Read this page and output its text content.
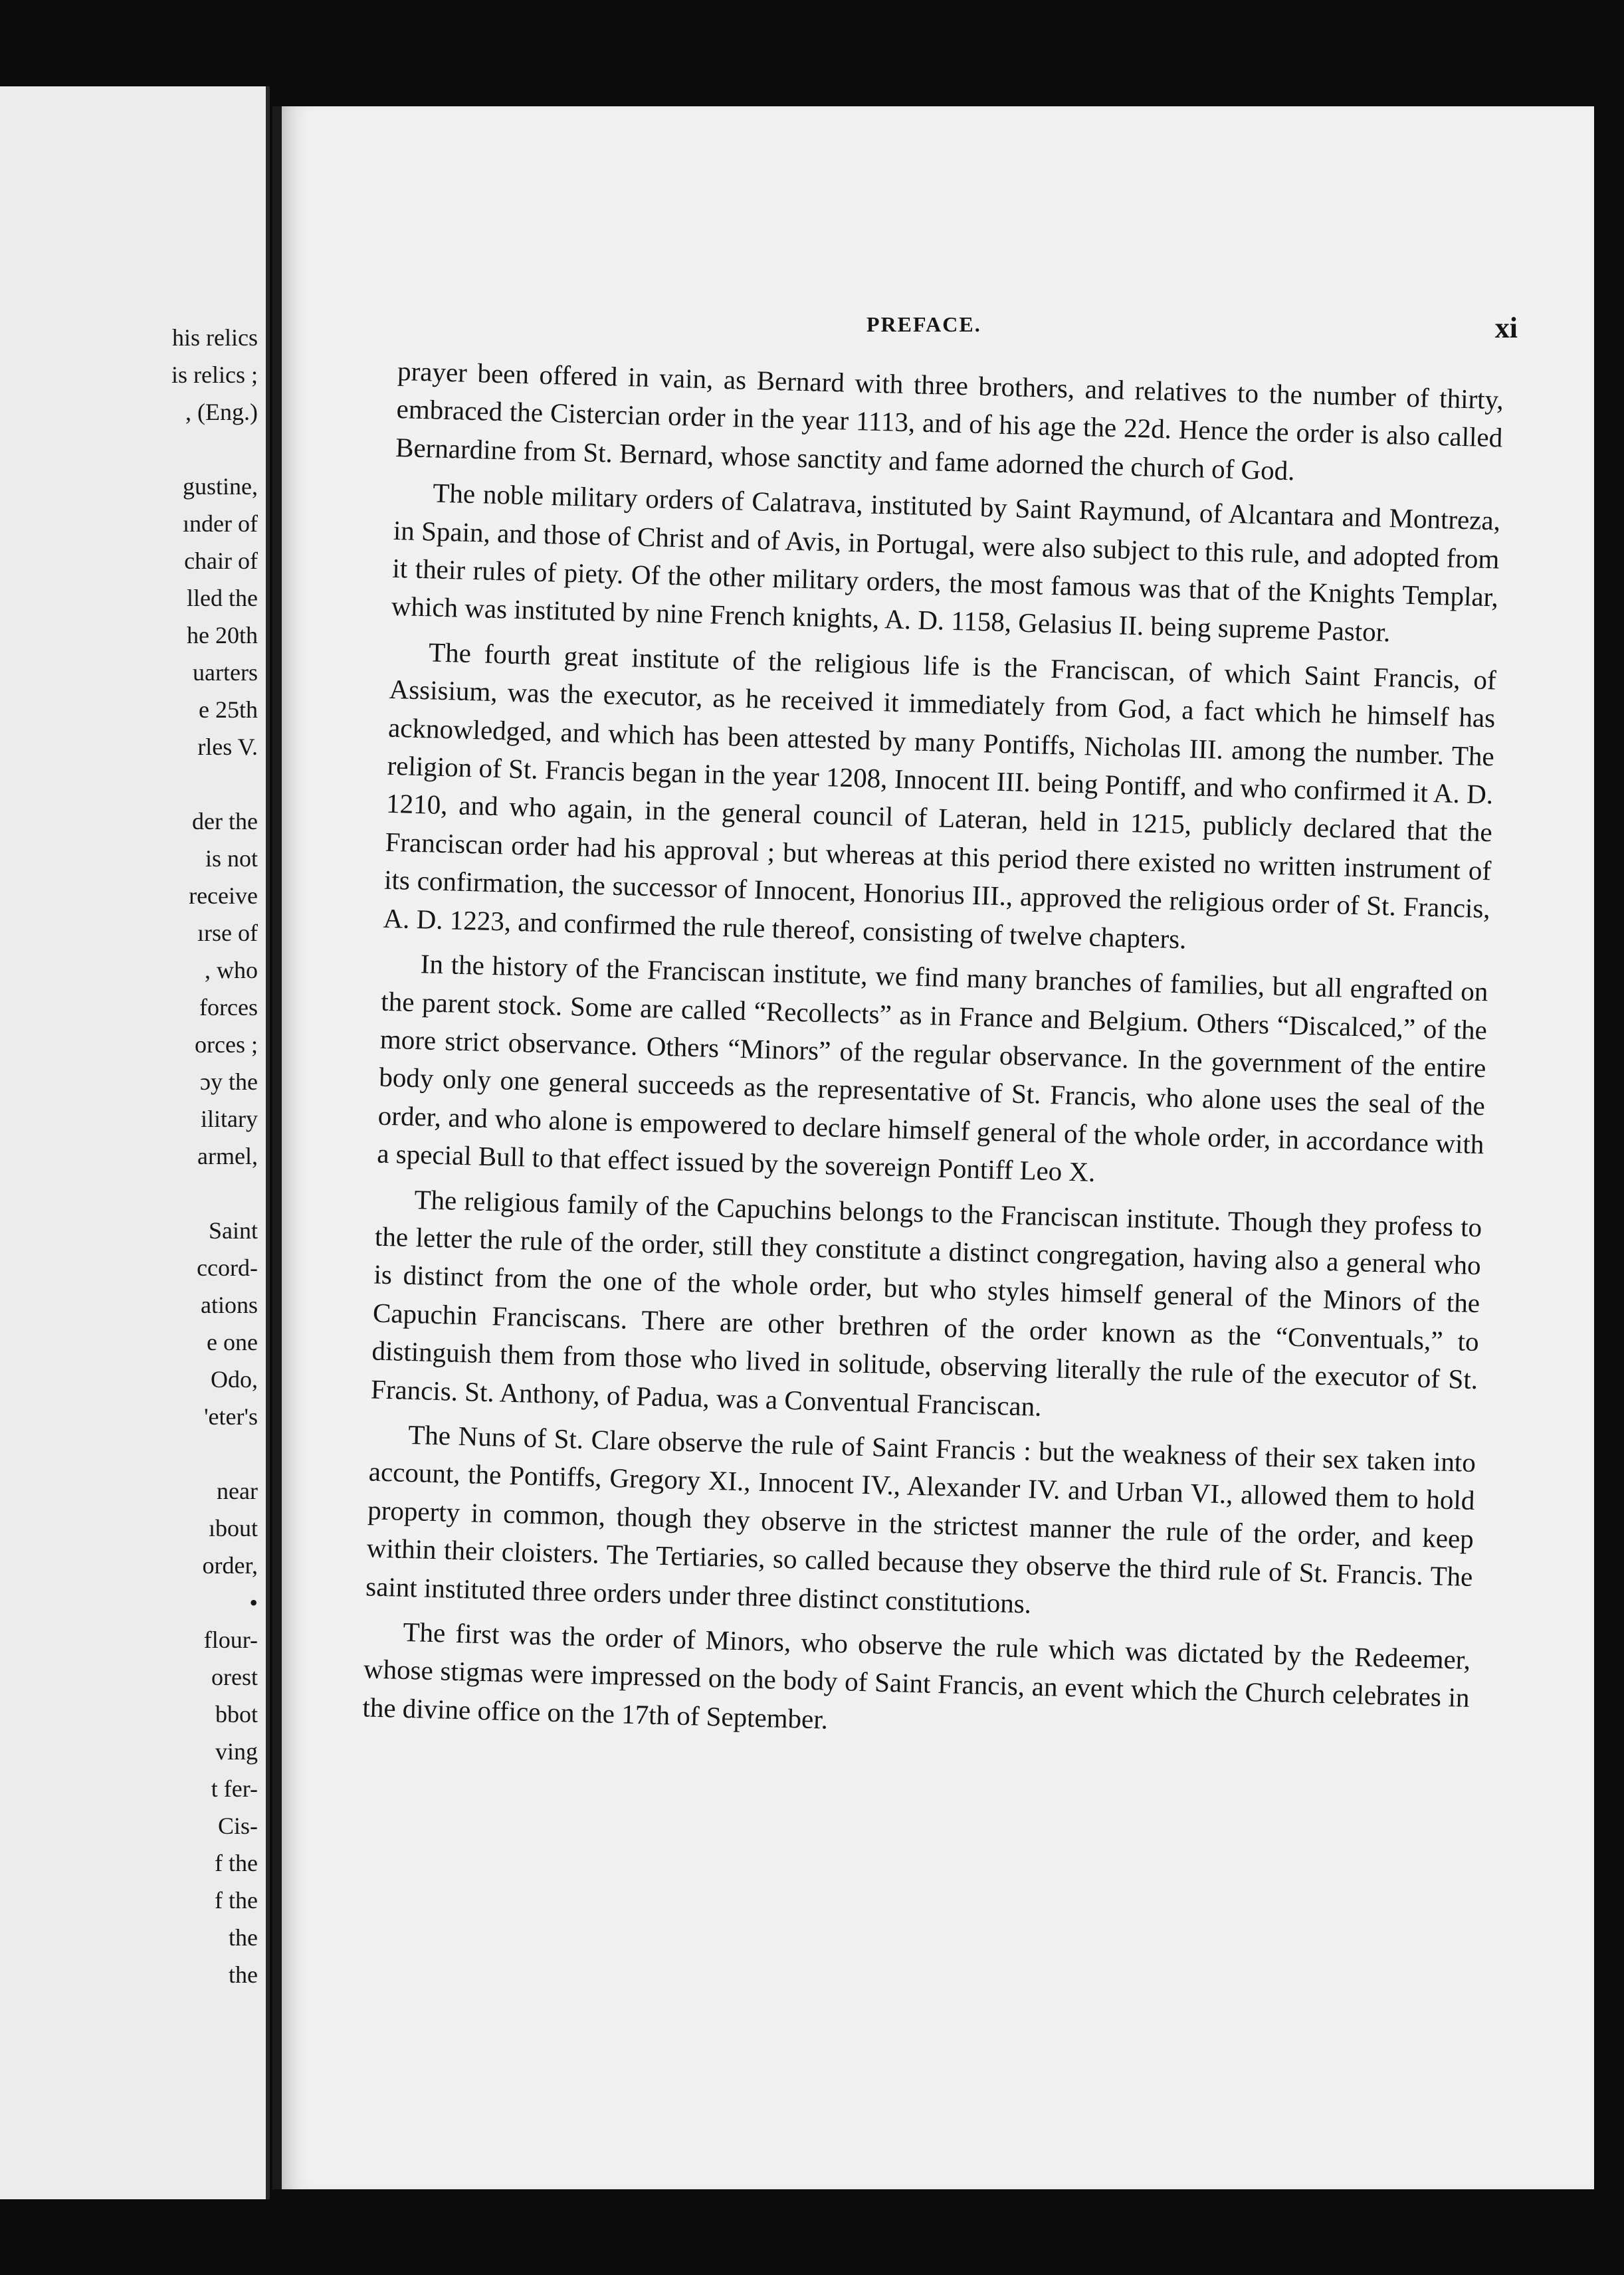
his relics
is relics ;
, (Eng.)
gustine,
ınder of
chair of
lled the
he 20th
uarters
e 25th
rles V.
der the
is not
receive
ırse of
, who
forces
orces ;
ɔy the
ilitary
armel,
Saint
ccord-
ations
e one
Odo,
'eter's
near
ıbout
order,
•
flour-
orest
bbot
ving
t fer-
Cis-
f the
f the
the
the
PREFACE.	xi

prayer been offered in vain, as Bernard with three brothers, and relatives to the number of thirty, embraced the Cistercian order in the year 1113, and of his age the 22d. Hence the order is also called Bernardine from St. Bernard, whose sanctity and fame adorned the church of God.

The noble military orders of Calatrava, instituted by Saint Raymund, of Alcantara and Montreza, in Spain, and those of Christ and of Avis, in Portugal, were also subject to this rule, and adopted from it their rules of piety. Of the other military orders, the most famous was that of the Knights Templar, which was instituted by nine French knights, A. D. 1158, Gelasius II. being supreme Pastor.

The fourth great institute of the religious life is the Franciscan, of which Saint Francis, of Assisium, was the executor, as he received it immediately from God, a fact which he himself has acknowledged, and which has been attested by many Pontiffs, Nicholas III. among the number. The religion of St. Francis began in the year 1208, Innocent III. being Pontiff, and who confirmed it A. D. 1210, and who again, in the general council of Lateran, held in 1215, publicly declared that the Franciscan order had his approval ; but whereas at this period there existed no written instrument of its confirmation, the successor of Innocent, Honorius III., approved the religious order of St. Francis, A. D. 1223, and confirmed the rule thereof, consisting of twelve chapters.

In the history of the Franciscan institute, we find many branches of families, but all engrafted on the parent stock. Some are called “Recollects” as in France and Belgium. Others “Discalced,” of the more strict observance. Others “Minors” of the regular observance. In the government of the entire body only one general succeeds as the representative of St. Francis, who alone uses the seal of the order, and who alone is empowered to declare himself general of the whole order, in accordance with a special Bull to that effect issued by the sovereign Pontiff Leo X.

The religious family of the Capuchins belongs to the Franciscan institute. Though they profess to the letter the rule of the order, still they constitute a distinct congregation, having also a general who is distinct from the one of the whole order, but who styles himself general of the Minors of the Capuchin Franciscans. There are other brethren of the order known as the “Conventuals,” to distinguish them from those who lived in solitude, observing literally the rule of the executor of St. Francis. St. Anthony, of Padua, was a Conventual Franciscan.

The Nuns of St. Clare observe the rule of Saint Francis : but the weakness of their sex taken into account, the Pontiffs, Gregory XI., Innocent IV., Alexander IV. and Urban VI., allowed them to hold property in common, though they observe in the strictest manner the rule of the order, and keep within their cloisters. The Tertiaries, so called because they observe the third rule of St. Francis. The saint instituted three orders under three distinct constitutions.

The first was the order of Minors, who observe the rule which was dictated by the Redeemer, whose stigmas were impressed on the body of Saint Francis, an event which the Church celebrates in the divine office on the 17th of September.
